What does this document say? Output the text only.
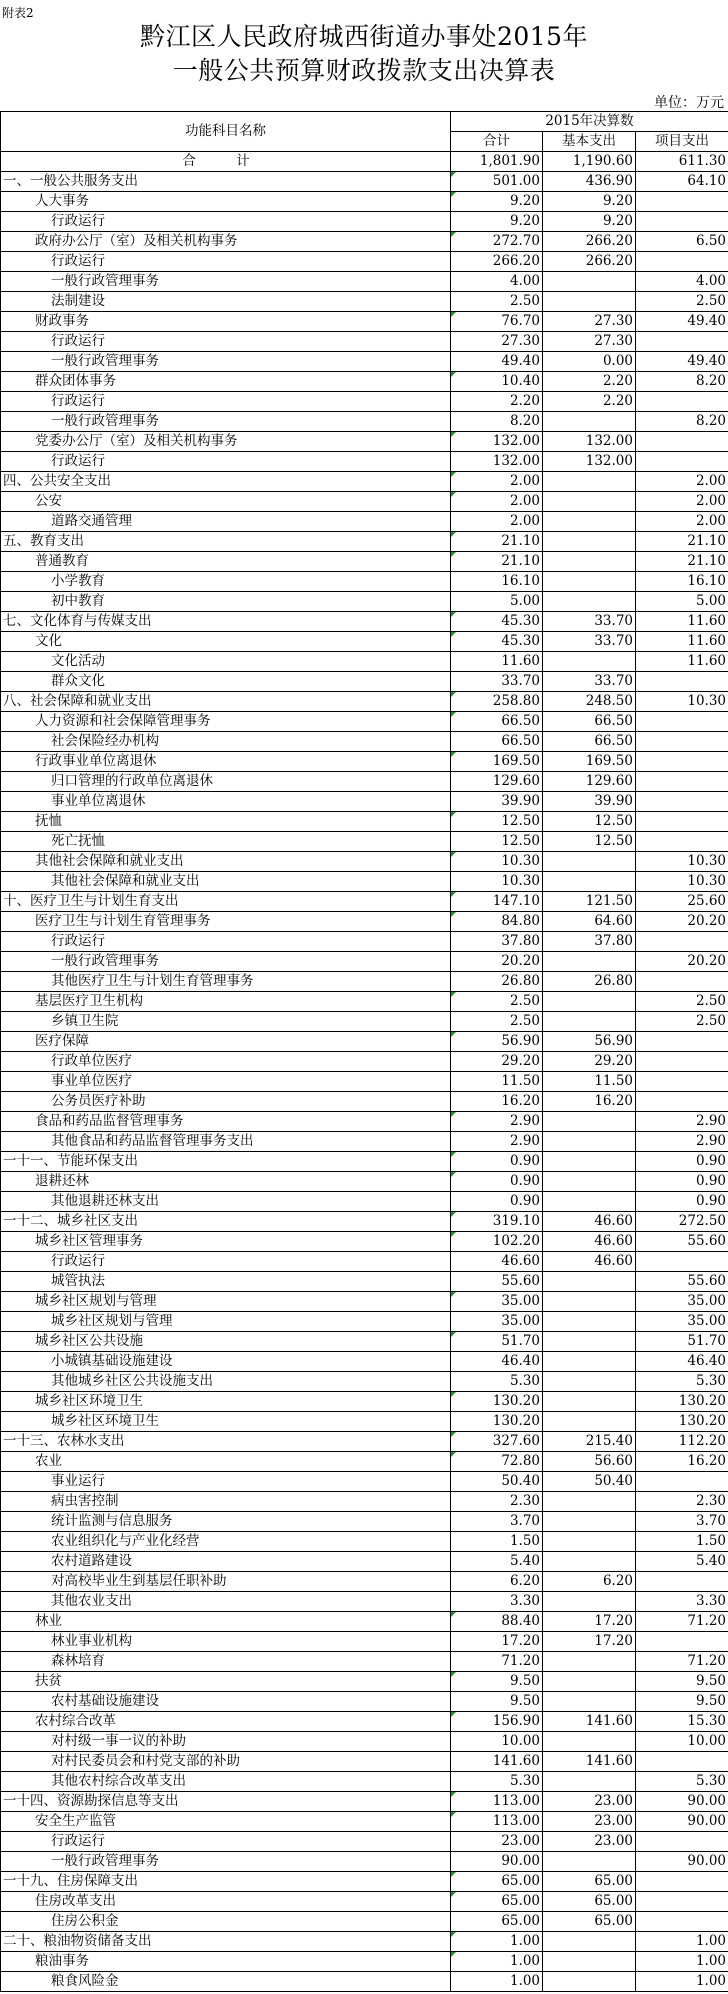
附表2
黔江区人民政府城西街道办事处2015年
一般公共预算财政拨款支出决算表
单位：万元
功能科目名称	2015年决算数		
	合计	基本支出	项目支出
合 计	1,801.90	1,190.60	611.30
一、一般公共服务支出	501.00	436.90	64.10
人大事务	9.20	9.20	
行政运行	9.20	9.20	
政府办公厅（室）及相关机构事务	272.70	266.20	6.50
行政运行	266.20	266.20	
一般行政管理事务	4.00		4.00
法制建设	2.50		2.50
财政事务	76.70	27.30	49.40
行政运行	27.30	27.30	
一般行政管理事务	49.40	0.00	49.40
群众团体事务	10.40	2.20	8.20
行政运行	2.20	2.20	
一般行政管理事务	8.20		8.20
党委办公厅（室）及相关机构事务	132.00	132.00	
行政运行	132.00	132.00	
四、公共安全支出	2.00		2.00
公安	2.00		2.00
道路交通管理	2.00		2.00
五、教育支出	21.10		21.10
普通教育	21.10		21.10
小学教育	16.10		16.10
初中教育	5.00		5.00
七、文化体育与传媒支出	45.30	33.70	11.60
文化	45.30	33.70	11.60
文化活动	11.60		11.60
群众文化	33.70	33.70	
八、社会保障和就业支出	258.80	248.50	10.30
人力资源和社会保障管理事务	66.50	66.50	
社会保险经办机构	66.50	66.50	
行政事业单位离退休	169.50	169.50	
归口管理的行政单位离退休	129.60	129.60	
事业单位离退休	39.90	39.90	
抚恤	12.50	12.50	
死亡抚恤	12.50	12.50	
其他社会保障和就业支出	10.30		10.30
其他社会保障和就业支出	10.30		10.30
十、医疗卫生与计划生育支出	147.10	121.50	25.60
医疗卫生与计划生育管理事务	84.80	64.60	20.20
行政运行	37.80	37.80	
一般行政管理事务	20.20		20.20
其他医疗卫生与计划生育管理事务	26.80	26.80	
基层医疗卫生机构	2.50		2.50
乡镇卫生院	2.50		2.50
医疗保障	56.90	56.90	
行政单位医疗	29.20	29.20	
事业单位医疗	11.50	11.50	
公务员医疗补助	16.20	16.20	
食品和药品监督管理事务	2.90		2.90
其他食品和药品监督管理事务支出	2.90		2.90
一十一、节能环保支出	0.90		0.90
退耕还林	0.90		0.90
其他退耕还林支出	0.90		0.90
一十二、城乡社区支出	319.10	46.60	272.50
城乡社区管理事务	102.20	46.60	55.60
行政运行	46.60	46.60	
城管执法	55.60		55.60
城乡社区规划与管理	35.00		35.00
城乡社区规划与管理	35.00		35.00
城乡社区公共设施	51.70		51.70
小城镇基础设施建设	46.40		46.40
其他城乡社区公共设施支出	5.30		5.30
城乡社区环境卫生	130.20		130.20
城乡社区环境卫生	130.20		130.20
一十三、农林水支出	327.60	215.40	112.20
农业	72.80	56.60	16.20
事业运行	50.40	50.40	
病虫害控制	2.30		2.30
统计监测与信息服务	3.70		3.70
农业组织化与产业化经营	1.50		1.50
农村道路建设	5.40		5.40
对高校毕业生到基层任职补助	6.20	6.20	
其他农业支出	3.30		3.30
林业	88.40	17.20	71.20
林业事业机构	17.20	17.20	
森林培育	71.20		71.20
扶贫	9.50		9.50
农村基础设施建设	9.50		9.50
农村综合改革	156.90	141.60	15.30
对村级一事一议的补助	10.00		10.00
对村民委员会和村党支部的补助	141.60	141.60	
其他农村综合改革支出	5.30		5.30
一十四、资源勘探信息等支出	113.00	23.00	90.00
安全生产监管	113.00	23.00	90.00
行政运行	23.00	23.00	
一般行政管理事务	90.00		90.00
一十九、住房保障支出	65.00	65.00	
住房改革支出	65.00	65.00	
住房公积金	65.00	65.00	
二十、粮油物资储备支出	1.00		1.00
粮油事务	1.00		1.00
粮食风险金	1.00		1.00
